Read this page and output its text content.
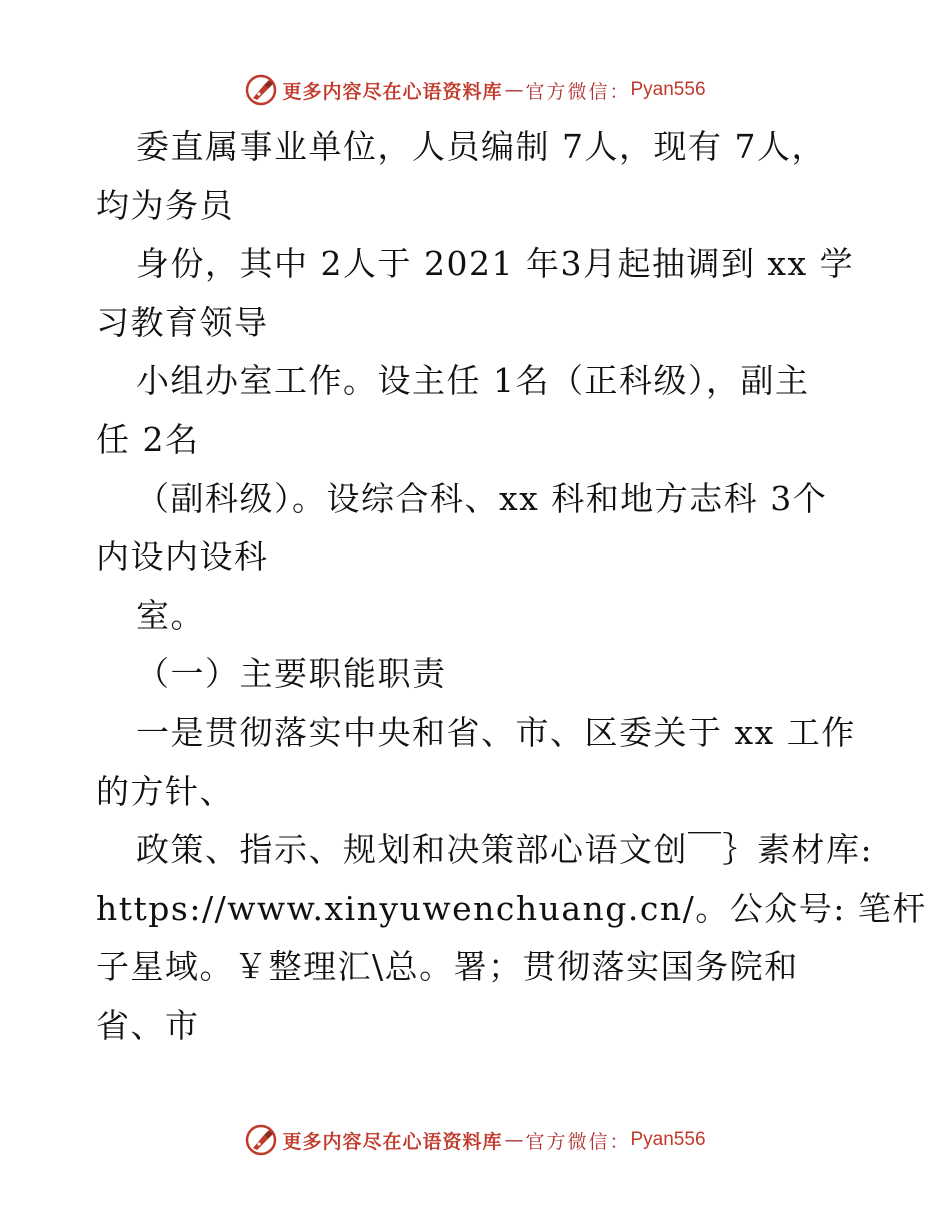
更多内容尽在心语资料库 — 官方微信： Pyan556
委直属事业单位，人员编制 7人，现有 7人，
均为务员
身份，其中 2人于 2021 年3月起抽调到 xx 学
习教育领导
小组办室工作。设主任 1名（正科级），副主
任 2名
（副科级）。设综合科、xx 科和地方志科 3个
内设内设科
室。
（一）主要职能职责
一是贯彻落实中央和省、市、区委关于 xx 工作
的方针、
政策、指示、规划和决策部心语文创￣｝素材库:
https://www.xinyuwenchuang.cn/。公众号: 笔杆
子星域。￥整理汇\总。署；贯彻落实国务院和
省、市
更多内容尽在心语资料库 — 官方微信： Pyan556
